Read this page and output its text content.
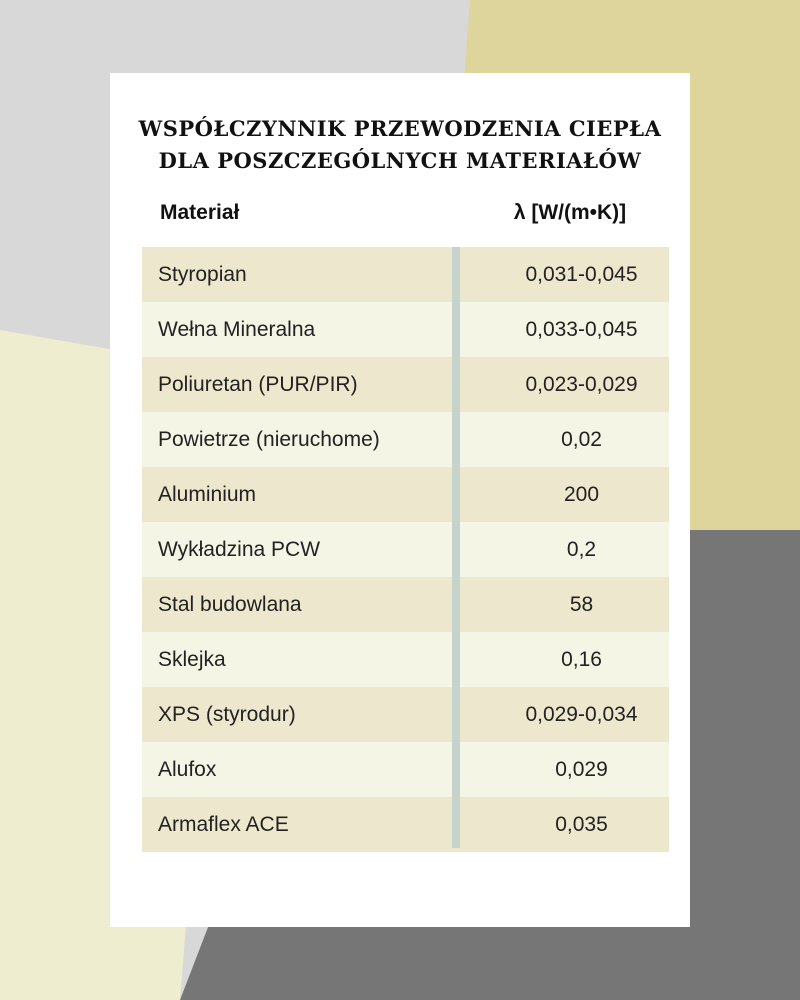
WSPÓŁCZYNNIK PRZEWODZENIA CIEPŁA
DLA POSZCZEGÓLNYCH MATERIAŁÓW
Materiał	λ [W/(m•K)]
Styropian	0,031-0,045
Wełna Mineralna	0,033-0,045
Poliuretan (PUR/PIR)	0,023-0,029
Powietrze (nieruchome)	0,02
Aluminium	200
Wykładzina PCW	0,2
Stal budowlana	58
Sklejka	0,16
XPS (styrodur)	0,029-0,034
Alufox	0,029
Armaflex ACE	0,035
